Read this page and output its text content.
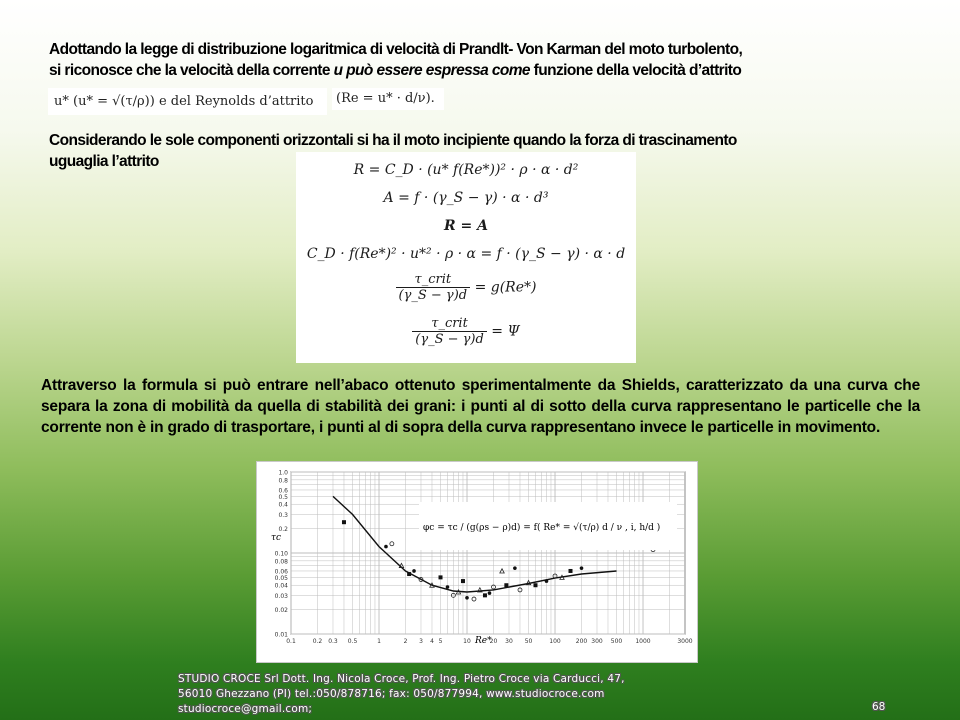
Adottando la legge di distribuzione logaritmica di velocità di Prandlt- Von Karman del moto turbolento,
si riconosce che la velocità della corrente u può essere espressa come funzione della velocità d’attrito
u* (u* = √(τ/ρ)) e del Reynolds d’attrito	(Re = u* · d/ν).
Considerando le sole componenti orizzontali si ha il moto incipiente quando la forza di trascinamento
uguaglia l’attrito	R = C_D · (u* f(Re*))² · ρ · α · d²
A = f · (γ_S − γ) · α · d³
R = A
C_D · f(Re*)² · u*² · ρ · α = f · (γ_S − γ) · α · d
$\frac{\text{τ\_crit}}{(\gamma\_S - \gamma)d} = g(Re*)$
$\frac{\text{τ\_crit}}{(\gamma\_S - \gamma)d} = \Psi$
Attraverso la formula si può entrare nell’abaco ottenuto sperimentalmente da Shields, caratterizzato da una curva che separa la zona di mobilità da quella di stabilità dei grani: i punti al di sotto della curva rappresentano le particelle che la corrente non è in grado di trasportare, i punti al di sopra della curva rappresentano invece le particelle in movimento.
1.0
0.8
0.6
0.5
0.4
0.3
0.2
0.10
0.08
0.06
0.05
0.04
0.03
0.02
0.01
0.1	0.2 0.3 0.5	1	2 3 4 5	10	20 30 50	100	200 300 500 1000	3000
τc
Re*
φc = τc / (g(ρs − ρ)d) = f( Re* = √(τ/ρ) d / ν , i, h/d )
STUDIO CROCE Srl Dott. Ing. Nicola Croce, Prof. Ing. Pietro Croce via Carducci, 47,
56010 Ghezzano (PI) tel.:050/878716; fax: 050/877994, www.studiocroce.com
studiocroce@gmail.com;	68
